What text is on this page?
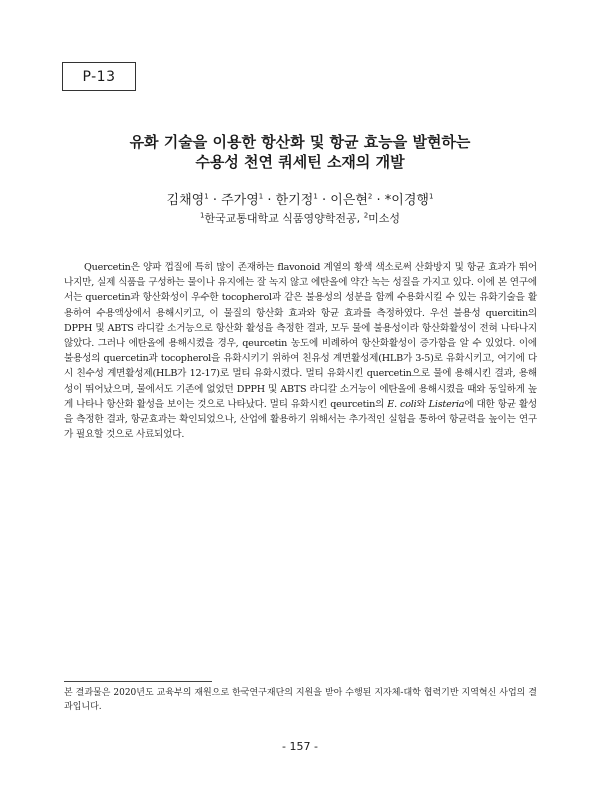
P-13
유화 기술을 이용한 항산화 및 항균 효능을 발현하는
수용성 천연 쿼세틴 소재의 개발
김채영$^1$ · 주가영$^1$ · 한기정$^1$ · 이은현$^2$ · *이경행$^1$
$^1$한국교통대학교 식품영양학전공, $^2$미소성

Quercetin은 양파 껍질에 특히 많이 존재하는 flavonoid 계열의 황색 색소로써 산화방지 및 항균 효과가 뛰어나지만, 실제 식품을 구성하는 물이나 유지에는 잘 녹지 않고 에탄올에 약간 녹는 성질을 가지고 있다. 이에 본 연구에서는 quercetin과 항산화성이 우수한 tocopherol과 같은 불용성의 성분을 함께 수용화시킬 수 있는 유화기술을 활용하여 수용액상에서 용해시키고, 이 물질의 항산화 효과와 항균 효과를 측정하였다. 우선 불용성 quercitin의 DPPH 및 ABTS 라디칼 소거능으로 항산화 활성을 측정한 결과, 모두 물에 불용성이라 항산화활성이 전혀 나타나지 않았다. 그러나 에탄올에 용해시켰을 경우, qeurcetin 농도에 비례하여 항산화활성이 증가함을 알 수 있었다. 이에 불용성의 quercetin과 tocopherol을 유화시키기 위하여 친유성 계면활성제(HLB가 3-5)로 유화시키고, 여기에 다시 친수성 계면활성제(HLB가 12-17)로 멀티 유화시켰다. 멀티 유화시킨 quercetin으로 물에 용해시킨 결과, 용해성이 뛰어났으며, 물에서도 기존에 없었던 DPPH 및 ABTS 라디칼 소거능이 에탄올에 용해시켰을 때와 동일하게 높게 나타나 항산화 활성을 보이는 것으로 나타났다. 멀티 유화시킨 qeurcetin의 E. coli와 Listeria에 대한 항균 활성을 측정한 결과, 항균효과는 확인되었으나, 산업에 활용하기 위해서는 추가적인 실험을 통하여 항균력을 높이는 연구가 필요할 것으로 사료되었다.

본 결과물은 2020년도 교육부의 재원으로 한국연구재단의 지원을 받아 수행된 지자체-대학 협력기반 지역혁신 사업의 결과입니다.

- 157 -
